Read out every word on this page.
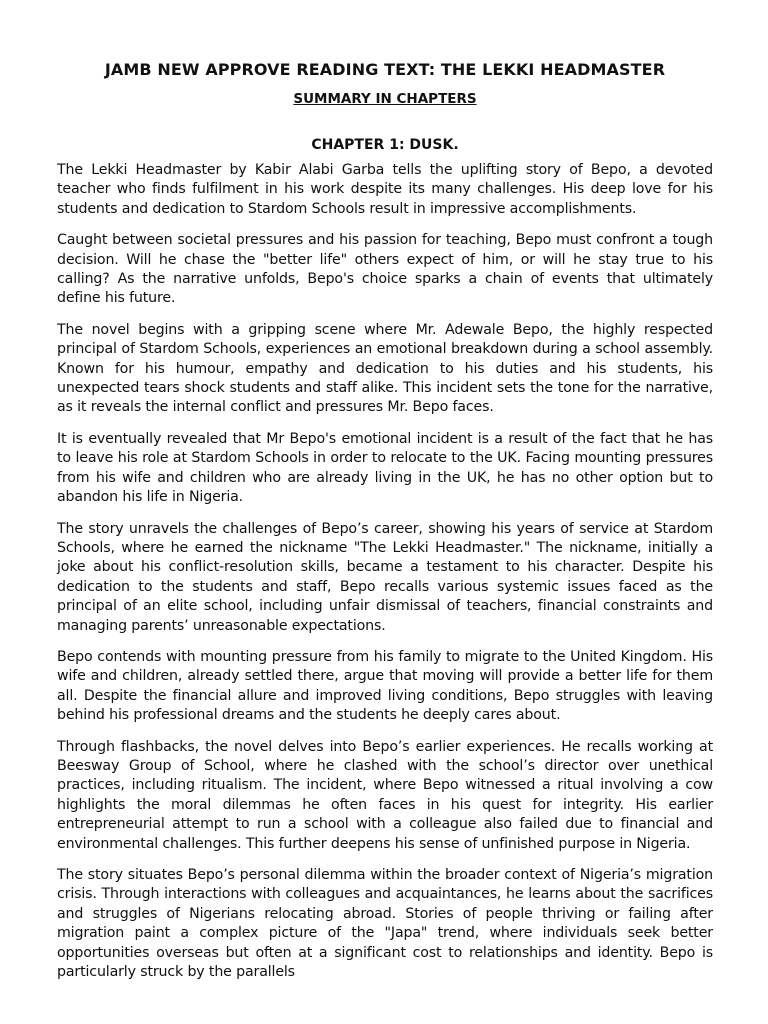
JAMB NEW APPROVE READING TEXT: THE LEKKI HEADMASTER
SUMMARY IN CHAPTERS
CHAPTER 1: DUSK.

The Lekki Headmaster by Kabir Alabi Garba tells the uplifting story of Bepo, a devoted teacher who finds fulfilment in his work despite its many challenges. His deep love for his students and dedication to Stardom Schools result in impressive accomplishments.

Caught between societal pressures and his passion for teaching, Bepo must confront a tough decision. Will he chase the "better life" others expect of him, or will he stay true to his calling? As the narrative unfolds, Bepo's choice sparks a chain of events that ultimately define his future.

The novel begins with a gripping scene where Mr. Adewale Bepo, the highly respected principal of Stardom Schools, experiences an emotional breakdown during a school assembly. Known for his humour, empathy and dedication to his duties and his students, his unexpected tears shock students and staff alike. This incident sets the tone for the narrative, as it reveals the internal conflict and pressures Mr. Bepo faces.

It is eventually revealed that Mr Bepo's emotional incident is a result of the fact that he has to leave his role at Stardom Schools in order to relocate to the UK. Facing mounting pressures from his wife and children who are already living in the UK, he has no other option but to abandon his life in Nigeria.

The story unravels the challenges of Bepo’s career, showing his years of service at Stardom Schools, where he earned the nickname "The Lekki Headmaster." The nickname, initially a joke about his conflict-resolution skills, became a testament to his character. Despite his dedication to the students and staff, Bepo recalls various systemic issues faced as the principal of an elite school, including unfair dismissal of teachers, financial constraints and managing parents’ unreasonable expectations.

Bepo contends with mounting pressure from his family to migrate to the United Kingdom. His wife and children, already settled there, argue that moving will provide a better life for them all. Despite the financial allure and improved living conditions, Bepo struggles with leaving behind his professional dreams and the students he deeply cares about.

Through flashbacks, the novel delves into Bepo’s earlier experiences. He recalls working at Beesway Group of School, where he clashed with the school’s director over unethical practices, including ritualism. The incident, where Bepo witnessed a ritual involving a cow highlights the moral dilemmas he often faces in his quest for integrity. His earlier entrepreneurial attempt to run a school with a colleague also failed due to financial and environmental challenges. This further deepens his sense of unfinished purpose in Nigeria.

The story situates Bepo’s personal dilemma within the broader context of Nigeria’s migration crisis. Through interactions with colleagues and acquaintances, he learns about the sacrifices and struggles of Nigerians relocating abroad. Stories of people thriving or failing after migration paint a complex picture of the "Japa" trend, where individuals seek better opportunities overseas but often at a significant cost to relationships and identity. Bepo is particularly struck by the parallels
